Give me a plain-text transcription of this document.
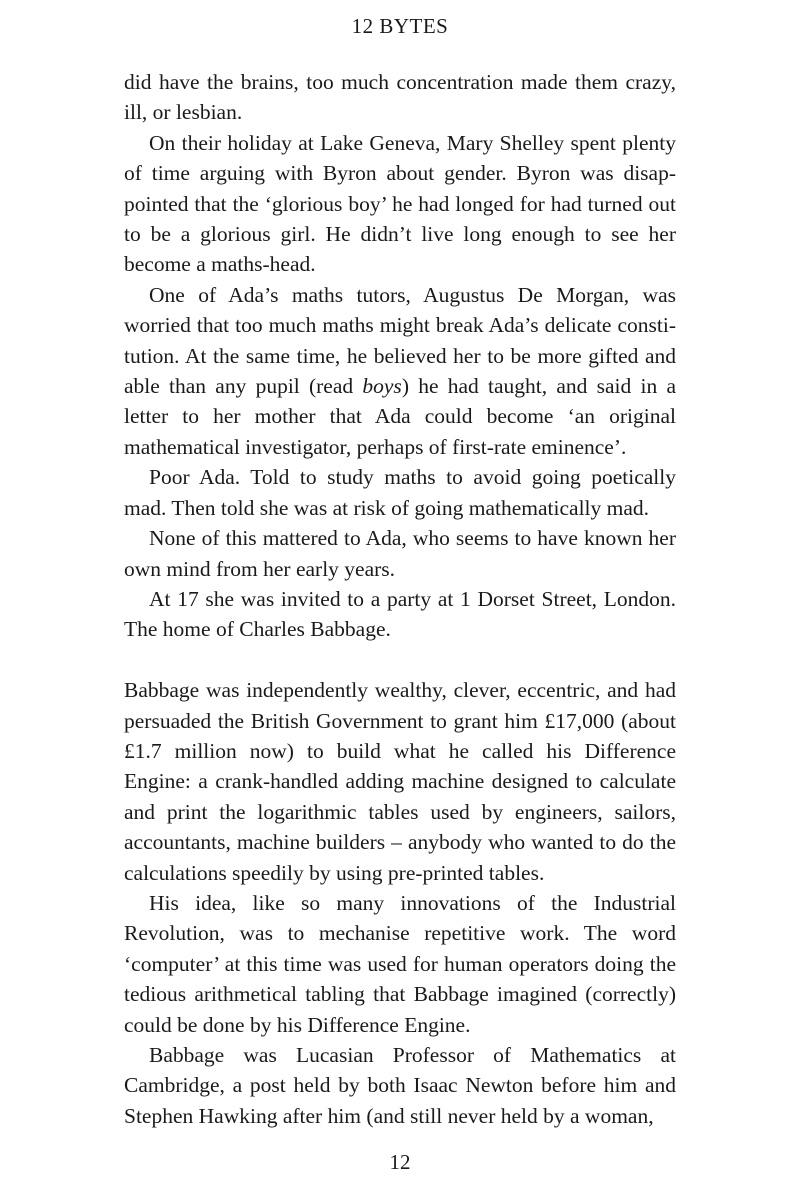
12 BYTES

did have the brains, too much concentration made them crazy, ill, or lesbian.

On their holiday at Lake Geneva, Mary Shelley spent plenty of time arguing with Byron about gender. Byron was disappointed that the ‘glorious boy’ he had longed for had turned out to be a glorious girl. He didn’t live long enough to see her become a maths-head.

One of Ada’s maths tutors, Augustus De Morgan, was worried that too much maths might break Ada’s delicate constitution. At the same time, he believed her to be more gifted and able than any pupil (read boys) he had taught, and said in a letter to her mother that Ada could become ‘an original mathematical investigator, perhaps of first-rate eminence’.

Poor Ada. Told to study maths to avoid going poetically mad. Then told she was at risk of going mathematically mad.

None of this mattered to Ada, who seems to have known her own mind from her early years.

At 17 she was invited to a party at 1 Dorset Street, London. The home of Charles Babbage.

Babbage was independently wealthy, clever, eccentric, and had persuaded the British Government to grant him £17,000 (about £1.7 million now) to build what he called his Difference Engine: a crank-handled adding machine designed to calculate and print the logarithmic tables used by engineers, sailors, accountants, machine builders – anybody who wanted to do the calculations speedily by using pre-printed tables.

His idea, like so many innovations of the Industrial Revolution, was to mechanise repetitive work. The word ‘computer’ at this time was used for human operators doing the tedious arithmetical tabling that Babbage imagined (correctly) could be done by his Difference Engine.

Babbage was Lucasian Professor of Mathematics at Cambridge, a post held by both Isaac Newton before him and Stephen Hawking after him (and still never held by a woman,

12
